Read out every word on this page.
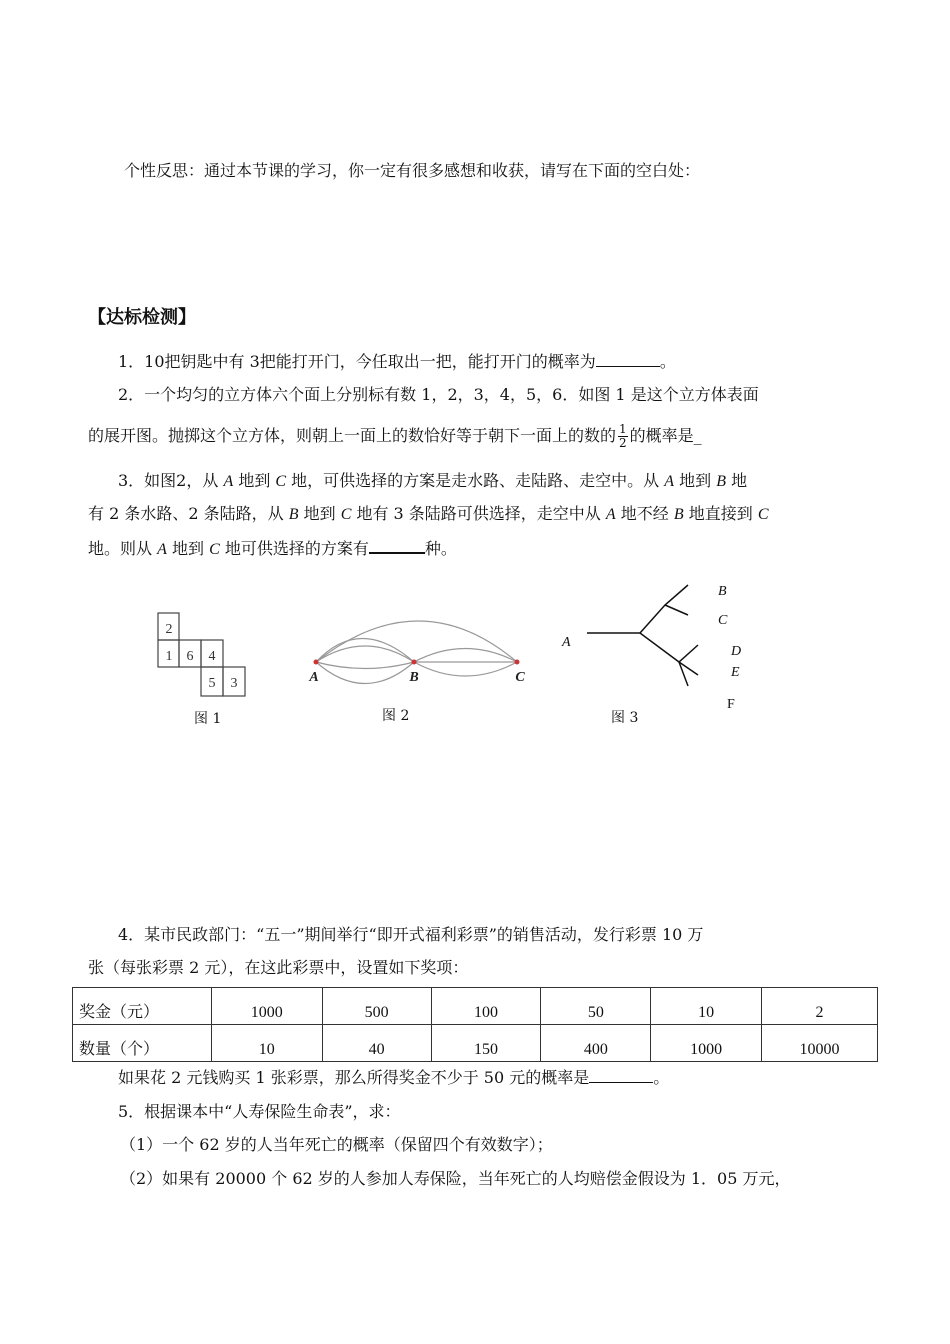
个性反思：通过本节课的学习，你一定有很多感想和收获，请写在下面的空白处：
【达标检测】
1．10把钥匙中有 3把能打开门，今任取出一把，能打开门的概率为	。
2．一个均匀的立方体六个面上分别标有数 1，2，3，4，5，6．如图 1 是这个立方体表面
的展开图。抛掷这个立方体，则朝上一面上的数恰好等于朝下一面上的数的 $\frac{1}{2}$ 的概率是_
3．如图2，从 A 地到 C 地，可供选择的方案是走水路、走陆路、走空中。从 A 地到 B 地
有 2 条水路、2 条陆路，从 B 地到 C 地有 3 条陆路可供选择，走空中从 A 地不经 B 地直接到 C
地。则从 A 地到 C 地可供选择的方案有	种。
2
1 6 4
5 3
图 1
A	B	C
图 2
A
B
C
D
E
F
图 3
4．某市民政部门：“五一”期间举行“即开式福利彩票”的销售活动，发行彩票 10 万
张（每张彩票 2 元），在这此彩票中，设置如下奖项：
奖金（元）	1000	500	100	50	10	2
数量（个）	10	40	150	400	1000	10000
如果花 2 元钱购买 1 张彩票，那么所得奖金不少于 50 元的概率是	。
5．根据课本中“人寿保险生命表”，求：
（1）一个 62 岁的人当年死亡的概率（保留四个有效数字）；
（2）如果有 20000 个 62 岁的人参加人寿保险，当年死亡的人均赔偿金假设为 1．05 万元，
